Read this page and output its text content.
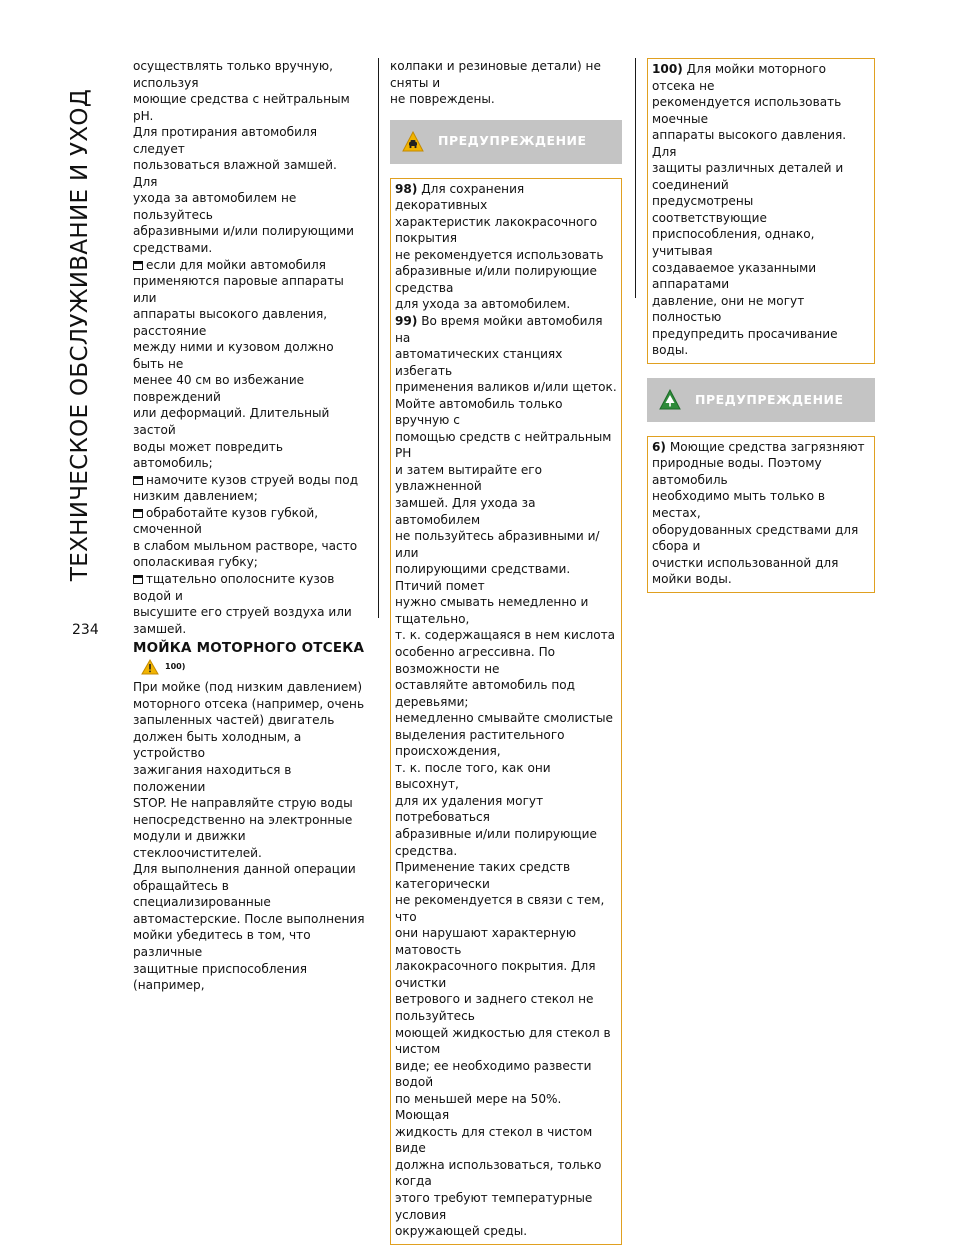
ТЕХНИЧЕСКОЕ ОБСЛУЖИВАНИЕ И УХОД
234

осуществлять только вручную, используя
моющие средства с нейтральным pH.
Для протирания автомобиля следует
пользоваться влажной замшей. Для
ухода за автомобилем не пользуйтесь
абразивными и/или полирующими
средствами.

если для мойки автомобиля
применяются паровые аппараты или
аппараты высокого давления, расстояние
между ними и кузовом должно быть не
менее 40 см во избежание повреждений
или деформаций. Длительный застой
воды может повредить автомобиль;

намочите кузов струей воды под
низким давлением;

обработайте кузов губкой, смоченной
в слабом мыльном растворе, часто
ополаскивая губку;

тщательно ополосните кузов водой и
высушите его струей воздуха или замшей.

МОЙКА МОТОРНОГО ОТСЕКА
100)

При мойке (под низким давлением)
моторного отсека (например, очень
запыленных частей) двигатель
должен быть холодным, а устройство
зажигания находиться в положении
STOP. Не направляйте струю воды
непосредственно на электронные
модули и движки стеклоочистителей.
Для выполнения данной операции
обращайтесь в специализированные
автомастерские. После выполнения
мойки убедитесь в том, что различные
защитные приспособления (например,

колпаки и резиновые детали) не сняты и
не повреждены.

ПРЕДУПРЕЖДЕНИЕ

98) Для сохранения декоративных
характеристик лакокрасочного покрытия
не рекомендуется использовать
абразивные и/или полирующие средства
для ухода за автомобилем.

99) Во время мойки автомобиля на
автоматических станциях избегать
применения валиков и/или щеток.
Мойте автомобиль только вручную с
помощью средств с нейтральным PH
и затем вытирайте его увлажненной
замшей. Для ухода за автомобилем
не пользуйтесь абразивными и/или
полирующими средствами. Птичий помет
нужно смывать немедленно и тщательно,
т. к. содержащаяся в нем кислота
особенно агрессивна. По возможности не
оставляйте автомобиль под деревьями;
немедленно смывайте смолистые
выделения растительного происхождения,
т. к. после того, как они высохнут,
для их удаления могут потребоваться
абразивные и/или полирующие средства.
Применение таких средств категорически
не рекомендуется в связи с тем, что
они нарушают характерную матовость
лакокрасочного покрытия. Для очистки
ветрового и заднего стекол не пользуйтесь
моющей жидкостью для стекол в чистом
виде; ее необходимо развести водой
по меньшей мере на 50%. Моющая
жидкость для стекол в чистом виде
должна использоваться, только когда
этого требуют температурные условия
окружающей среды.

100) Для мойки моторного отсека не
рекомендуется использовать моечные
аппараты высокого давления. Для
защиты различных деталей и соединений
предусмотрены соответствующие
приспособления, однако, учитывая
создаваемое указанными аппаратами
давление, они не могут полностью
предупредить просачивание воды.

ПРЕДУПРЕЖДЕНИЕ

6) Моющие средства загрязняют
природные воды. Поэтому автомобиль
необходимо мыть только в местах,
оборудованных средствами для сбора и
очистки использованной для мойки воды.
